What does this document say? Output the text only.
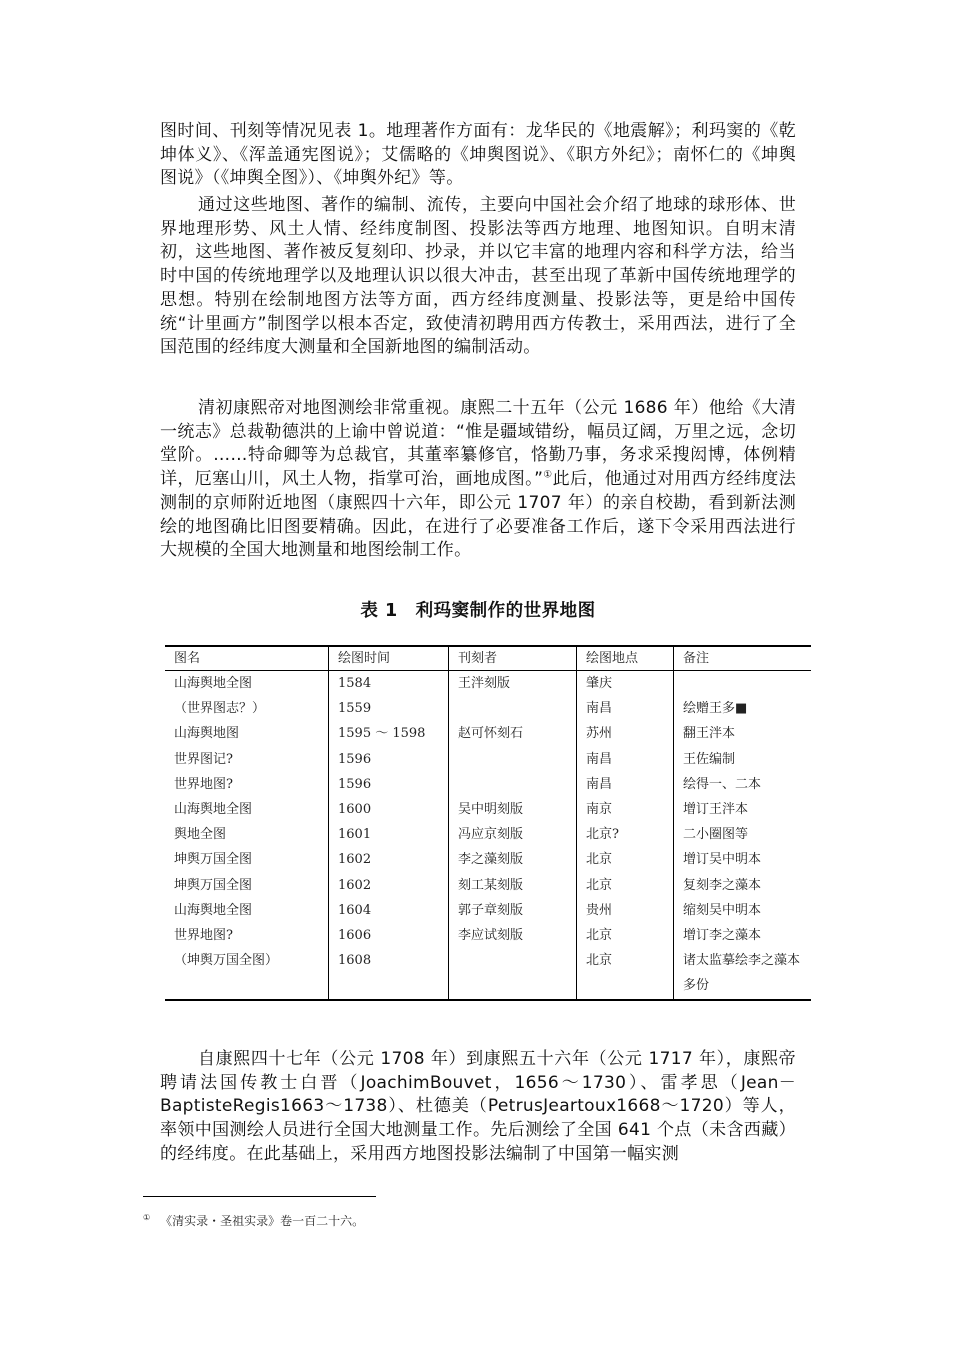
图时间、刊刻等情况见表 1。地理著作方面有：龙华民的《地震解》；利玛窦的《乾坤体义》、《浑盖通宪图说》；艾儒略的《坤舆图说》、《职方外纪》；南怀仁的《坤舆图说》（《坤舆全图》）、《坤舆外纪》等。

通过这些地图、著作的编制、流传，主要向中国社会介绍了地球的球形体、世界地理形势、风土人情、经纬度制图、投影法等西方地理、地图知识。自明末清初，这些地图、著作被反复刻印、抄录，并以它丰富的地理内容和科学方法，给当时中国的传统地理学以及地理认识以很大冲击，甚至出现了革新中国传统地理学的思想。特别在绘制地图方法等方面，西方经纬度测量、投影法等，更是给中国传统“计里画方”制图学以根本否定，致使清初聘用西方传教士，采用西法，进行了全国范围的经纬度大测量和全国新地图的编制活动。

清初康熙帝对地图测绘非常重视。康熙二十五年（公元 1686 年）他给《大清一统志》总裁勒德洪的上谕中曾说道：“惟是疆域错纷，幅员辽阔，万里之远，念切堂阶。……特命卿等为总裁官，其董率纂修官，恪勤乃事，务求采搜闳博，体例精详，厄塞山川，风土人物，指掌可治，画地成图。”①此后，他通过对用西方经纬度法测制的京师附近地图（康熙四十六年，即公元 1707 年）的亲自校勘，看到新法测绘的地图确比旧图要精确。因此，在进行了必要准备工作后，遂下令采用西法进行大规模的全国大地测量和地图绘制工作。

表 1　利玛窦制作的世界地图

图名	绘图时间	刊刻者	绘图地点	备注
山海舆地全图	1584	王泮刻版	肇庆	
（世界图志？）	1559		南昌	绘赠王多■
山海舆地图	1595 ～ 1598	赵可怀刻石	苏州	翻王泮本
世界图记?	1596		南昌	王佐编制
世界地图?	1596		南昌	绘得一、二本
山海舆地全图	1600	吴中明刻版	南京	增订王泮本
舆地全图	1601	冯应京刻版	北京?	二小圈图等
坤舆万国全图	1602	李之藻刻版	北京	增订吴中明本
坤舆万国全图	1602	刻工某刻版	北京	复刻李之藻本
山海舆地全图	1604	郭子章刻版	贵州	缩刻吴中明本
世界地图?	1606	李应试刻版	北京	增订李之藻本
（坤舆万国全图）	1608		北京	诸太监摹绘李之藻本多份

自康熙四十七年（公元 1708 年）到康熙五十六年（公元 1717 年），康熙帝聘请法国传教士白晋（JoachimBouvet，1656～1730）、雷孝思（Jean－BaptisteRegis1663～1738）、杜德美（PetrusJeartoux1668～1720）等人，率领中国测绘人员进行全国大地测量工作。先后测绘了全国 641 个点（未含西藏）的经纬度。在此基础上，采用西方地图投影法编制了中国第一幅实测

① 《清实录・圣祖实录》卷一百二十六。
